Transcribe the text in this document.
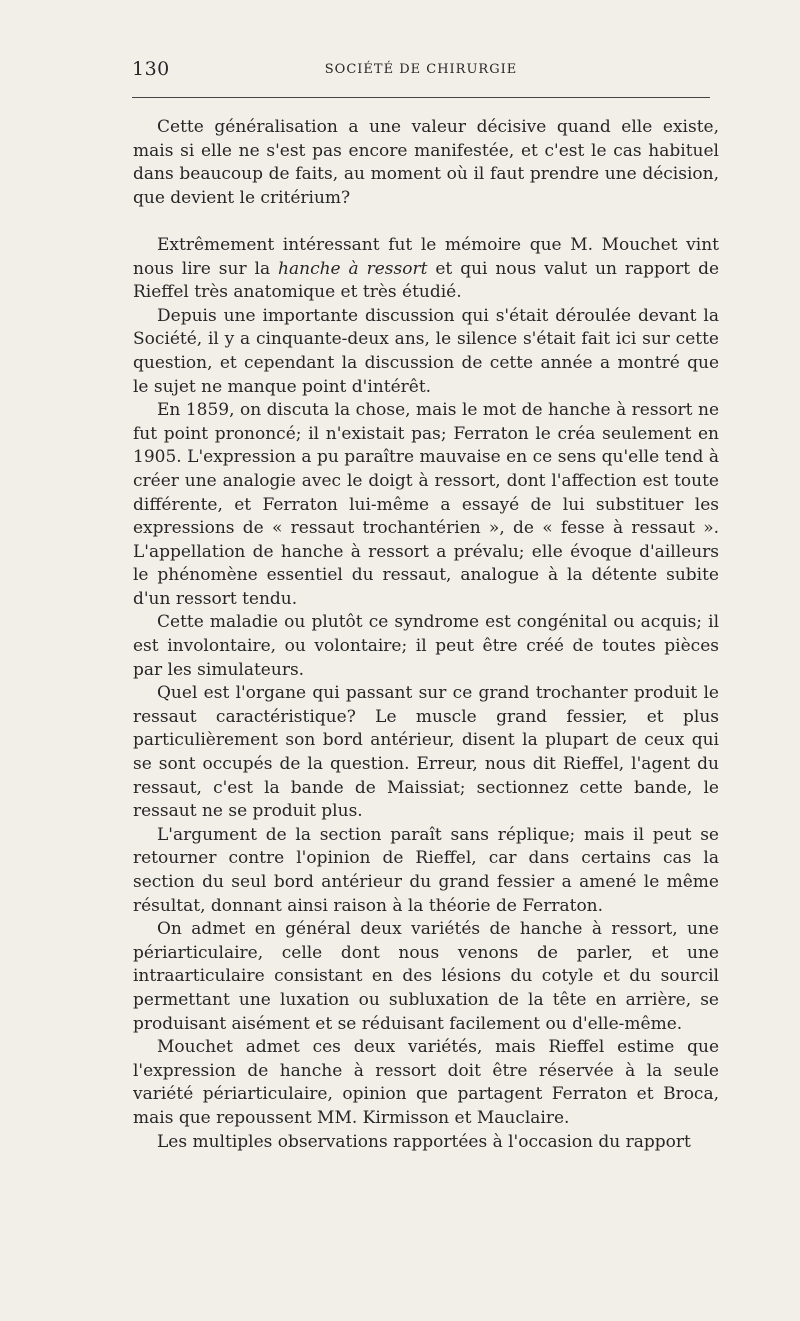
130	SOCIÉTÉ DE CHIRURGIE

Cette généralisation a une valeur décisive quand elle existe, mais si elle ne s'est pas encore manifestée, et c'est le cas habituel dans beaucoup de faits, au moment où il faut prendre une décision, que devient le critérium?

Extrêmement intéressant fut le mémoire que M. Mouchet vint nous lire sur la hanche à ressort et qui nous valut un rapport de Rieffel très anatomique et très étudié.

Depuis une importante discussion qui s'était déroulée devant la Société, il y a cinquante-deux ans, le silence s'était fait ici sur cette question, et cependant la discussion de cette année a montré que le sujet ne manque point d'intérêt.

En 1859, on discuta la chose, mais le mot de hanche à ressort ne fut point prononcé; il n'existait pas; Ferraton le créa seulement en 1905. L'expression a pu paraître mauvaise en ce sens qu'elle tend à créer une analogie avec le doigt à ressort, dont l'affection est toute différente, et Ferraton lui-même a essayé de lui substituer les expressions de « ressaut trochantérien », de « fesse à ressaut ». L'appellation de hanche à ressort a prévalu; elle évoque d'ailleurs le phénomène essentiel du ressaut, analogue à la détente subite d'un ressort tendu.

Cette maladie ou plutôt ce syndrome est congénital ou acquis; il est involontaire, ou volontaire; il peut être créé de toutes pièces par les simulateurs.

Quel est l'organe qui passant sur ce grand trochanter produit le ressaut caractéristique? Le muscle grand fessier, et plus particulièrement son bord antérieur, disent la plupart de ceux qui se sont occupés de la question. Erreur, nous dit Rieffel, l'agent du ressaut, c'est la bande de Maissiat; sectionnez cette bande, le ressaut ne se produit plus.

L'argument de la section paraît sans réplique; mais il peut se retourner contre l'opinion de Rieffel, car dans certains cas la section du seul bord antérieur du grand fessier a amené le même résultat, donnant ainsi raison à la théorie de Ferraton.

On admet en général deux variétés de hanche à ressort, une périarticulaire, celle dont nous venons de parler, et une intraarticulaire consistant en des lésions du cotyle et du sourcil permettant une luxation ou subluxation de la tête en arrière, se produisant aisément et se réduisant facilement ou d'elle-même.

Mouchet admet ces deux variétés, mais Rieffel estime que l'expression de hanche à ressort doit être réservée à la seule variété périarticulaire, opinion que partagent Ferraton et Broca, mais que repoussent MM. Kirmisson et Mauclaire.

Les multiples observations rapportées à l'occasion du rapport
